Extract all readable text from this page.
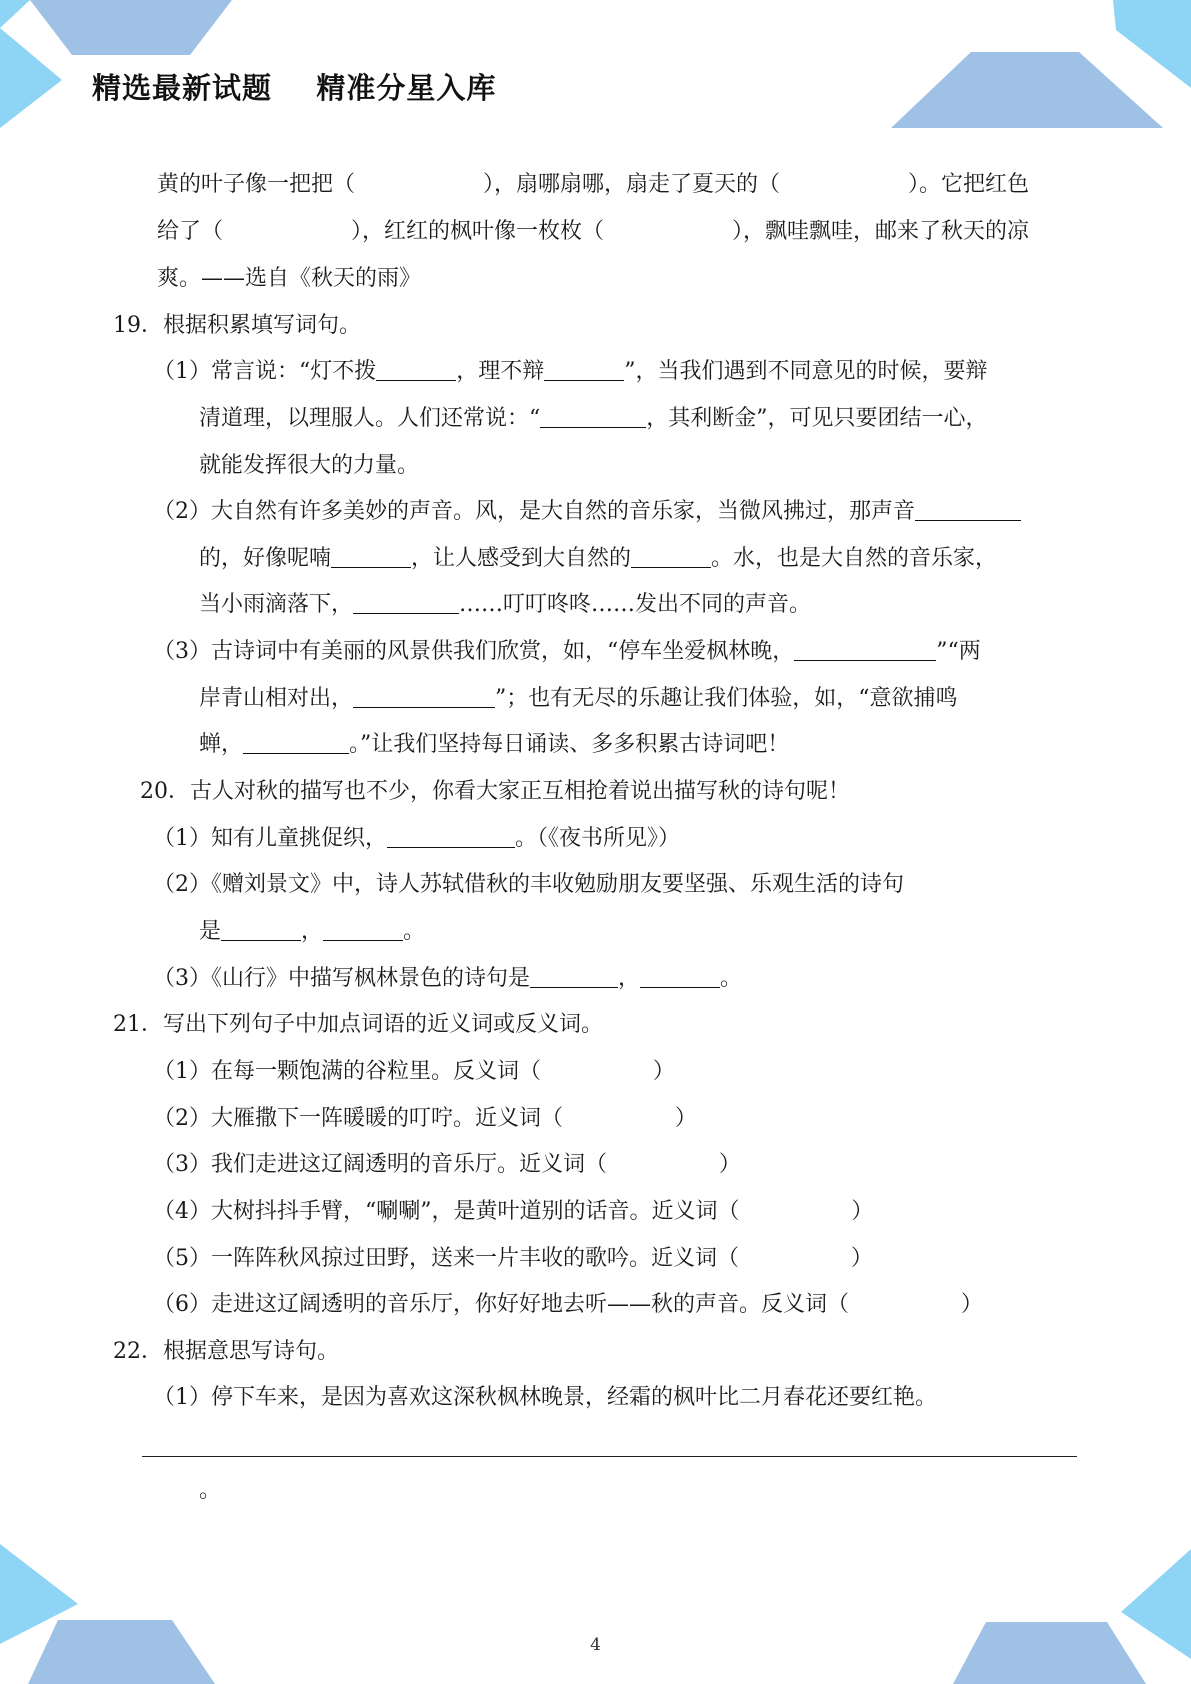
精选最新试题    精准分星入库
黄的叶子像一把把（	），扇哪扇哪，扇走了夏天的（	）。它把红色
给了（	），红红的枫叶像一枚枚（	），飘哇飘哇，邮来了秋天的凉
爽。——选自《秋天的雨》
19．根据积累填写词句。
（1）常言说：“灯不拨	，理不辩	”，当我们遇到不同意见的时候，要辩
清道理，以理服人。人们还常说：“	，其利断金”，可见只要团结一心，
就能发挥很大的力量。
（2）大自然有许多美妙的声音。风，是大自然的音乐家，当微风拂过，那声音
的，好像呢喃	，让人感受到大自然的	。水，也是大自然的音乐家，
当小雨滴落下，	……叮叮咚咚……发出不同的声音。
（3）古诗词中有美丽的风景供我们欣赏，如，“停车坐爱枫林晚，	”“两
岸青山相对出，	”；也有无尽的乐趣让我们体验，如，“意欲捕鸣
蝉，	。”让我们坚持每日诵读、多多积累古诗词吧！
20．古人对秋的描写也不少，你看大家正互相抢着说出描写秋的诗句呢！
（1）知有儿童挑促织，	。（《夜书所见》）
（2）《赠刘景文》中，诗人苏轼借秋的丰收勉励朋友要坚强、乐观生活的诗句
是	，	。
（3）《山行》中描写枫林景色的诗句是	，	。
21．写出下列句子中加点词语的近义词或反义词。
（1）在每一颗饱满的谷粒里。反义词（                ）
（2）大雁撒下一阵暖暖的叮咛。近义词（                ）
（3）我们走进这辽阔透明的音乐厅。近义词（                ）
（4）大树抖抖手臂，“唰唰”，是黄叶道别的话音。近义词（                ）
（5）一阵阵秋风掠过田野，送来一片丰收的歌吟。近义词（                ）
（6）走进这辽阔透明的音乐厅，你好好地去听——秋的声音。反义词（                ）
22．根据意思写诗句。
（1）停下车来，是因为喜欢这深秋枫林晚景，经霜的枫叶比二月春花还要红艳。
。
4
